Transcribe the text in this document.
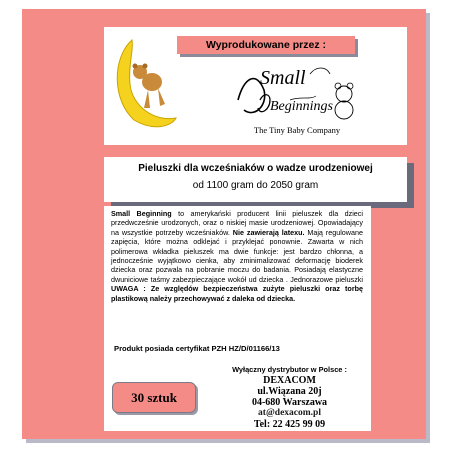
Wyprodukowane przez :
Small
Beginnings
The Tiny Baby Company
Pieluszki dla wcześniaków o wadze urodzeniowej
od 1100 gram do 2050 gram
Small Beginning to amerykański producent linii pieluszek dla dzieci przedwcześnie urodzonych, oraz o niskiej masie urodzeniowej. Opowiadający na wszystkie potrzeby wcześniaków. Nie zawierają latexu. Mają regulowane zapięcia, które można odklejać i przyklejać ponownie. Zawarta w nich polimerowa wkładka pieluszek ma dwie funkcje: jest bardzo chłonna, a jednocześnie wyjątkowo cienka, aby zminimalizować deformację bioderek dziecka oraz pozwala na pobranie moczu do badania. Posiadają elastyczne dwuniciowe taśmy zabezpieczające wokół ud dziecka . Jednorazowe pieluszki UWAGA : Ze względów bezpieczeństwa zużyte pieluszki oraz torbę plastikową należy przechowywać z daleka od dziecka.
Produkt posiada certyfikat PZH HZ/D/01166/13
Wyłączny dystrybutor w Polsce :
DEXACOM
ul.Wiązana 20j
04-680 Warszawa
at@dexacom.pl
Tel: 22 425 99 09
30 sztuk
